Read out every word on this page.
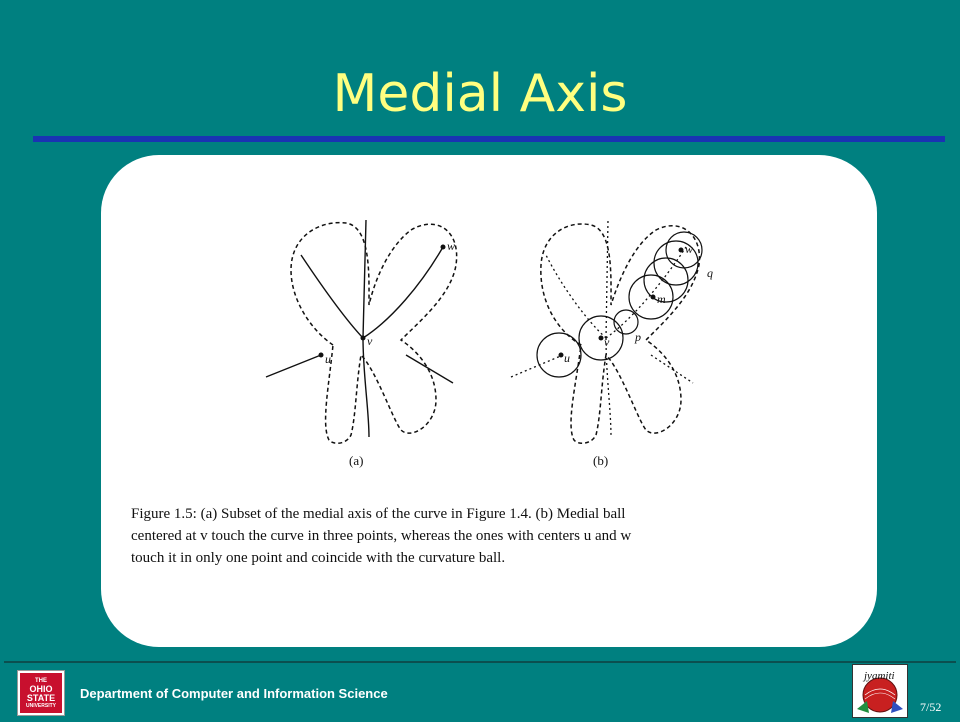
Medial Axis
w
v
u
(a)
w
q
m
p
v
u
(b)
Figure 1.5: (a) Subset of the medial axis of the curve in Figure 1.4. (b) Medial ball
centered at v touch the curve in three points, whereas the ones with centers u and w
touch it in only one point and coincide with the curvature ball.
THE
OHIO
STATE
UNIVERSITY
Department of Computer and Information Science
jyamiti
7/52
